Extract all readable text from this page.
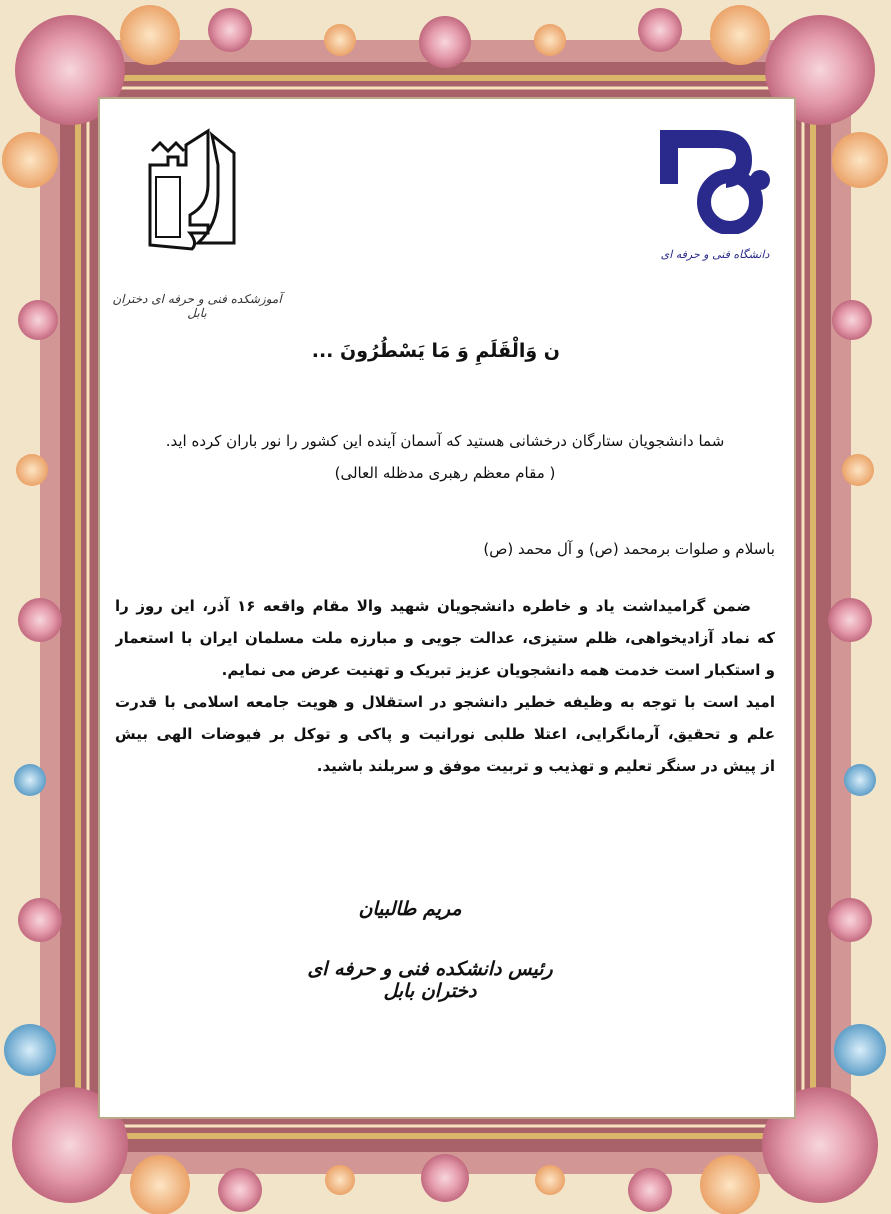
آموزشکده فنی و حرفه ای دختران بابل
دانشگاه فنی و حرفه ای
ن وَالْقَلَمِ وَ مَا يَسْطُرُونَ ...
شما دانشجویان ستارگان درخشانی هستید که آسمان آینده این کشور را نور باران کرده اید.
( مقام معظم رهبری مدظله العالی)
باسلام و صلوات برمحمد (ص) و آل محمد (ص)
ضمن گرامیداشت یاد و خاطره دانشجویان شهید والا مقام واقعه ۱۶ آذر، این روز را
که نماد آزادیخواهی، ظلم ستیزی، عدالت جویی و مبارزه ملت مسلمان ایران با استعمار
و استکبار است خدمت همه دانشجویان عزیز تبریک و تهنیت عرض می نمایم.
امید است با توجه به وظیفه خطیر دانشجو در استقلال و هویت جامعه اسلامی با قدرت
علم و تحقیق، آرمانگرایی، اعتلا طلبی نورانیت و پاکی و توکل بر فیوضات الهی بیش
از پیش در سنگر تعلیم و تهذیب و تربیت موفق و سربلند باشید.
مریم طالبیان
رئیس دانشکده فنی و حرفه ای دختران بابل
